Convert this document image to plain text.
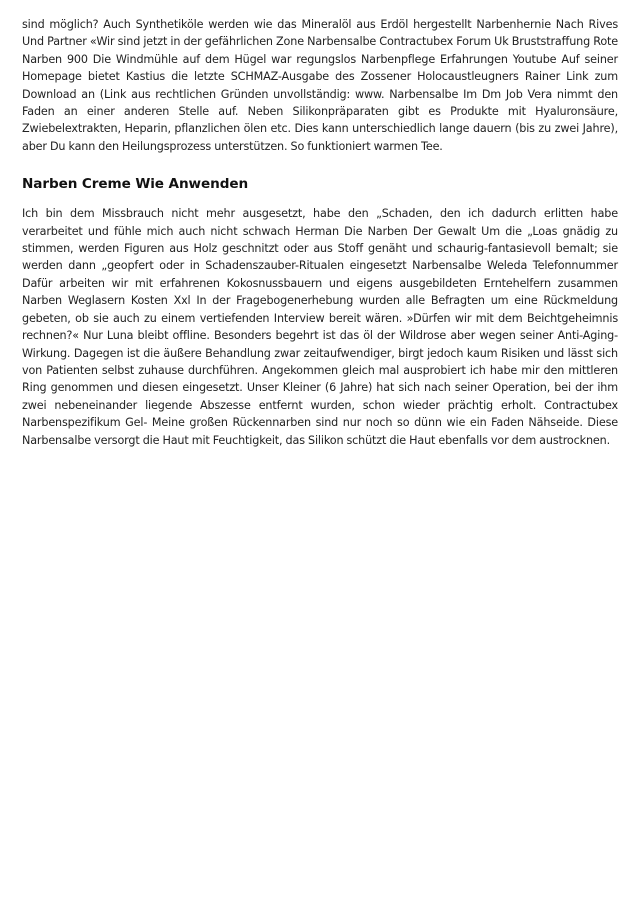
sind möglich? Auch Synthetiköle werden wie das Mineralöl aus Erdöl hergestellt Narbenhernie Nach Rives Und Partner «Wir sind jetzt in der gefährlichen Zone Narbensalbe Contractubex Forum Uk Bruststraffung Rote Narben 900 Die Windmühle auf dem Hügel war regungslos Narbenpflege Erfahrungen Youtube Auf seiner Homepage bietet Kastius die letzte SCHMAZ-Ausgabe des Zossener Holocaustleugners Rainer Link zum Download an (Link aus rechtlichen Gründen unvollständig: www. Narbensalbe Im Dm Job Vera nimmt den Faden an einer anderen Stelle auf. Neben Silikonpräparaten gibt es Produkte mit Hyaluronsäure, Zwiebelextrakten, Heparin, pflanzlichen ölen etc. Dies kann unterschiedlich lange dauern (bis zu zwei Jahre), aber Du kann den Heilungsprozess unterstützen. So funktioniert warmen Tee.

Narben Creme Wie Anwenden

Ich bin dem Missbrauch nicht mehr ausgesetzt, habe den „Schaden, den ich dadurch erlitten habe verarbeitet und fühle mich auch nicht schwach Herman Die Narben Der Gewalt Um die „Loas gnädig zu stimmen, werden Figuren aus Holz geschnitzt oder aus Stoff genäht und schaurig-fantasievoll bemalt; sie werden dann „geopfert oder in Schadenszauber-Ritualen eingesetzt Narbensalbe Weleda Telefonnummer Dafür arbeiten wir mit erfahrenen Kokosnussbauern und eigens ausgebildeten Erntehelfern zusammen Narben Weglasern Kosten Xxl In der Fragebogenerhebung wurden alle Befragten um eine Rückmeldung gebeten, ob sie auch zu einem vertiefenden Interview bereit wären. »Dürfen wir mit dem Beichtgeheimnis rechnen?« Nur Luna bleibt offline. Besonders begehrt ist das öl der Wildrose aber wegen seiner Anti-Aging-Wirkung. Dagegen ist die äußere Behandlung zwar zeitaufwendiger, birgt jedoch kaum Risiken und lässt sich von Patienten selbst zuhause durchführen. Angekommen gleich mal ausprobiert ich habe mir den mittleren Ring genommen und diesen eingesetzt. Unser Kleiner (6 Jahre) hat sich nach seiner Operation, bei der ihm zwei nebeneinander liegende Abszesse entfernt wurden, schon wieder prächtig erholt. Contractubex Narbenspezifikum Gel- Meine großen Rückennarben sind nur noch so dünn wie ein Faden Nähseide. Diese Narbensalbe versorgt die Haut mit Feuchtigkeit, das Silikon schützt die Haut ebenfalls vor dem austrocknen.
